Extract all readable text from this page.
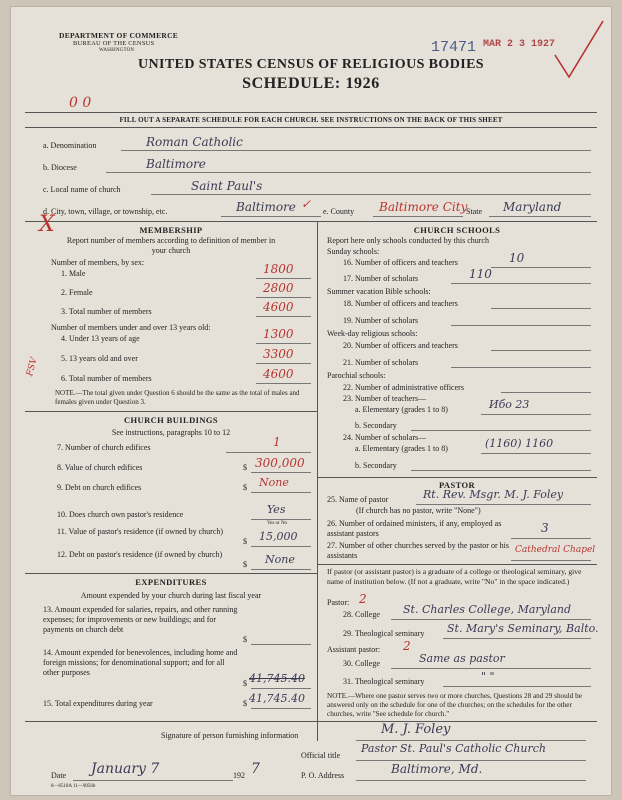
DEPARTMENT OF COMMERCE
BUREAU OF THE CENSUS
WASHINGTON	17471 MAR 2 3 1927
UNITED STATES CENSUS OF RELIGIOUS BODIES
SCHEDULE: 1926
0 0
FILL OUT A SEPARATE SCHEDULE FOR EACH CHURCH. SEE INSTRUCTIONS ON THE BACK OF THIS SHEET
a. Denomination	Roman Catholic
b. Diocese	Baltimore
c. Local name of church	Saint Paul's
d. City, town, village, or township, etc.	Baltimore ✓
e. County Baltimore City
State Maryland
X
FSV
MEMBERSHIP
Report number of members according to definition of member in your church
Number of members, by sex:
1. Male	1800
2. Female	2800
3. Total number of members	4600
Number of members under and over 13 years old:
4. Under 13 years of age	1300
5. 13 years old and over	3300
6. Total number of members	4600
NOTE.—The total given under Question 6 should be the same as the total of males and females given under Question 3.
CHURCH BUILDINGS
See instructions, paragraphs 10 to 12
7. Number of church edifices	1
8. Value of church edifices	$ 300,000
9. Debt on church edifices	$ None
10. Does church own pastor's residence	Yes
Yes or No
11. Value of pastor's residence (if owned by church)
$ 15,000
12. Debt on pastor's residence (if owned by church)
$ None
EXPENDITURES
Amount expended by your church during last fiscal year
13. Amount expended for salaries, repairs, and other running expenses; for improvements or new buildings; and for payments on church debt
$
14. Amount expended for benevolences, including home and foreign missions; for denominational support; and for all other purposes
$ 41,745.40
15. Total expenditures during year	$ 41,745.40
CHURCH SCHOOLS
Report here only schools conducted by this church
Sunday schools:
16. Number of officers and teachers	10
17. Number of scholars	110
Summer vacation Bible schools:
18. Number of officers and teachers
19. Number of scholars
Week-day religious schools:
20. Number of officers and teachers
21. Number of scholars
Parochial schools:
22. Number of administrative officers
23. Number of teachers—
a. Elementary (grades 1 to 8)	Ибо 23
b. Secondary
24. Number of scholars—
a. Elementary (grades 1 to 8)	(1160) 1160
b. Secondary
PASTOR
25. Name of pastor	Rt. Rev. Msgr. M. J. Foley
(If church has no pastor, write "None")
26. Number of ordained ministers, if any, employed as assistant pastors	3
27. Number of other churches served by the pastor or his assistants
Cathedral Chapel
If pastor (or assistant pastor) is a graduate of a college or theological seminary, give name of institution below. (If not a graduate, write "No" in the space indicated.)
Pastor: 2
28. College St. Charles College, Maryland
29. Theological seminary St. Mary's Seminary, Balto.
Assistant pastor: 2
30. College	Same as pastor
31. Theological seminary	" "
NOTE.—Where one pastor serves two or more churches, Questions 28 and 29 should be answered only on the schedule for one of the churches; on the schedules for the other churches, write "See schedule for church."
Signature of person furnishing information	M. J. Foley
Official title
Pastor St. Paul's Catholic Church
Date January 7	192 7	P. O. Address	Baltimore, Md.
8—6518A 11—9056b
